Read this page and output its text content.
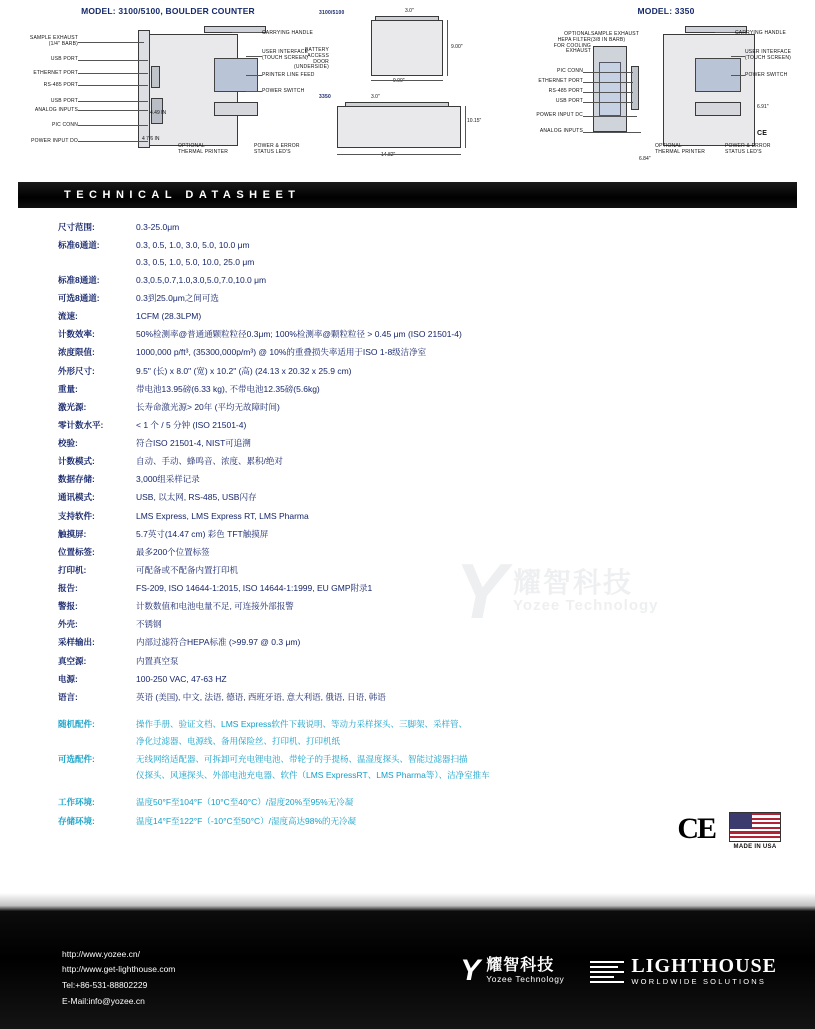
MODEL: 3100/5100, BOULDER COUNTER
SAMPLE EXHAUST
(1/4" BARB)
USB PORT
ETHERNET PORT
RS-485 PORT
USB PORT
ANALOG INPUTS
PIC CONN
POWER INPUT DO
CARRYING HANDLE
USER INTERFACE
(TOUCH SCREEN)
PRINTER LINE FEED
POWER SWITCH
OPTIONAL
THERMAL PRINTER
POWER & ERROR
STATUS LED'S
4.49 IN
4 7/6 IN
3100/5100
3350
3.0"
9.00"
9.00"
3.0"
10.15"
14.82"
BATTERY
ACCESS
DOOR
(UNDERSIDE)
MODEL: 3350
OPTIONAL
HEPA FILTER
FOR COOLING
EXHAUST
SAMPLE EXHAUST
(3/8 IN BARB)
PIC CONN
ETHERNET PORT
RS-485 PORT
USB PORT
POWER INPUT DC
ANALOG INPUTS
CARRYING HANDLE
USER INTERFACE
(TOUCH SCREEN)
POWER SWITCH
OPTIONAL
THERMAL PRINTER
POWER & ERROR
STATUS LED'S
CE
6.91"
6.84"
TECHNICAL DATASHEET
Y 耀智科技
Yozee Technology
尺寸范围:	0.3-25.0μm
标准6通道:	0.3, 0.5, 1.0, 3.0, 5.0, 10.0 μm
0.3, 0.5, 1.0, 5.0, 10.0, 25.0 μm
标准8通道:	0.3,0.5,0.7,1.0,3.0,5.0,7.0,10.0 μm
可选8通道:	0.3到25.0μm之间可选
流速:	1CFM (28.3LPM)
计数效率:	50%检测率@普通通颗粒粒径0.3μm; 100%检测率@颗粒粒径 > 0.45 μm (ISO 21501-4)
浓度限值:	1000,000 p/ft³, (35300,000p/m³) @ 10%的重叠损失率适用于ISO 1-8级洁净室
外形尺寸:	9.5" (长) x 8.0" (宽) x 10.2" (高) (24.13 x 20.32 x 25.9 cm)
重量:	带电池13.95磅(6.33 kg), 不带电池12.35磅(5.6kg)
激光源:	长寿命激光源> 20年 (平均无故障时间)
零计数水平:	< 1 个 / 5 分钟 (ISO 21501-4)
校验:	符合ISO 21501-4, NIST可追溯
计数模式:	自动、手动、蜂鸣音、浓度、累积/绝对
数据存储:	3,000组采样记录
通讯模式:	USB, 以太网, RS-485, USB闪存
支持软件:	LMS Express, LMS Express RT, LMS Pharma
触摸屏:	5.7英寸(14.47 cm) 彩色 TFT触摸屏
位置标签:	最多200个位置标签
打印机:	可配备或不配备内置打印机
报告:	FS-209, ISO 14644-1:2015, ISO 14644-1:1999, EU GMP附录1
警报:	计数数值和电池电量不足, 可连接外部报警
外壳:	不锈钢
采样输出:	内部过滤符合HEPA标准 (>99.97 @ 0.3 μm)
真空源:	内置真空泵
电源:	100-250 VAC, 47-63 HZ
语言:	英语 (美国), 中文, 法语, 德语, 西班牙语, 意大利语, 俄语, 日语, 韩语
随机配件:	操作手册、验证文档、LMS Express软件下载说明、等动力采样探头、三脚架、采样管、
净化过滤器、电源线、备用保险丝、打印机、打印机纸
可选配件:	无线网络适配器、可拆卸可充电锂电池、带轮子的手提杨、温湿度探头、智能过滤器扫描
仪探头、风速探头、外部电池充电器、软件（LMS ExpressRT、LMS Pharma等）、洁净室推车
工作环境:	温度50°F至104°F（10°C至40°C）/湿度20%至95%无冷凝
存储环境:	温度14°F至122°F（-10°C至50°C）/湿度高达98%的无冷凝	CE
MADE IN USA
http://www.yozee.cn/
http://www.get-lighthouse.com
Tel:+86-531-88802229
E-Mail:info@yozee.cn
Y 耀智科技
Yozee Technology
LIGHTHOUSE
WORLDWIDE SOLUTIONS
